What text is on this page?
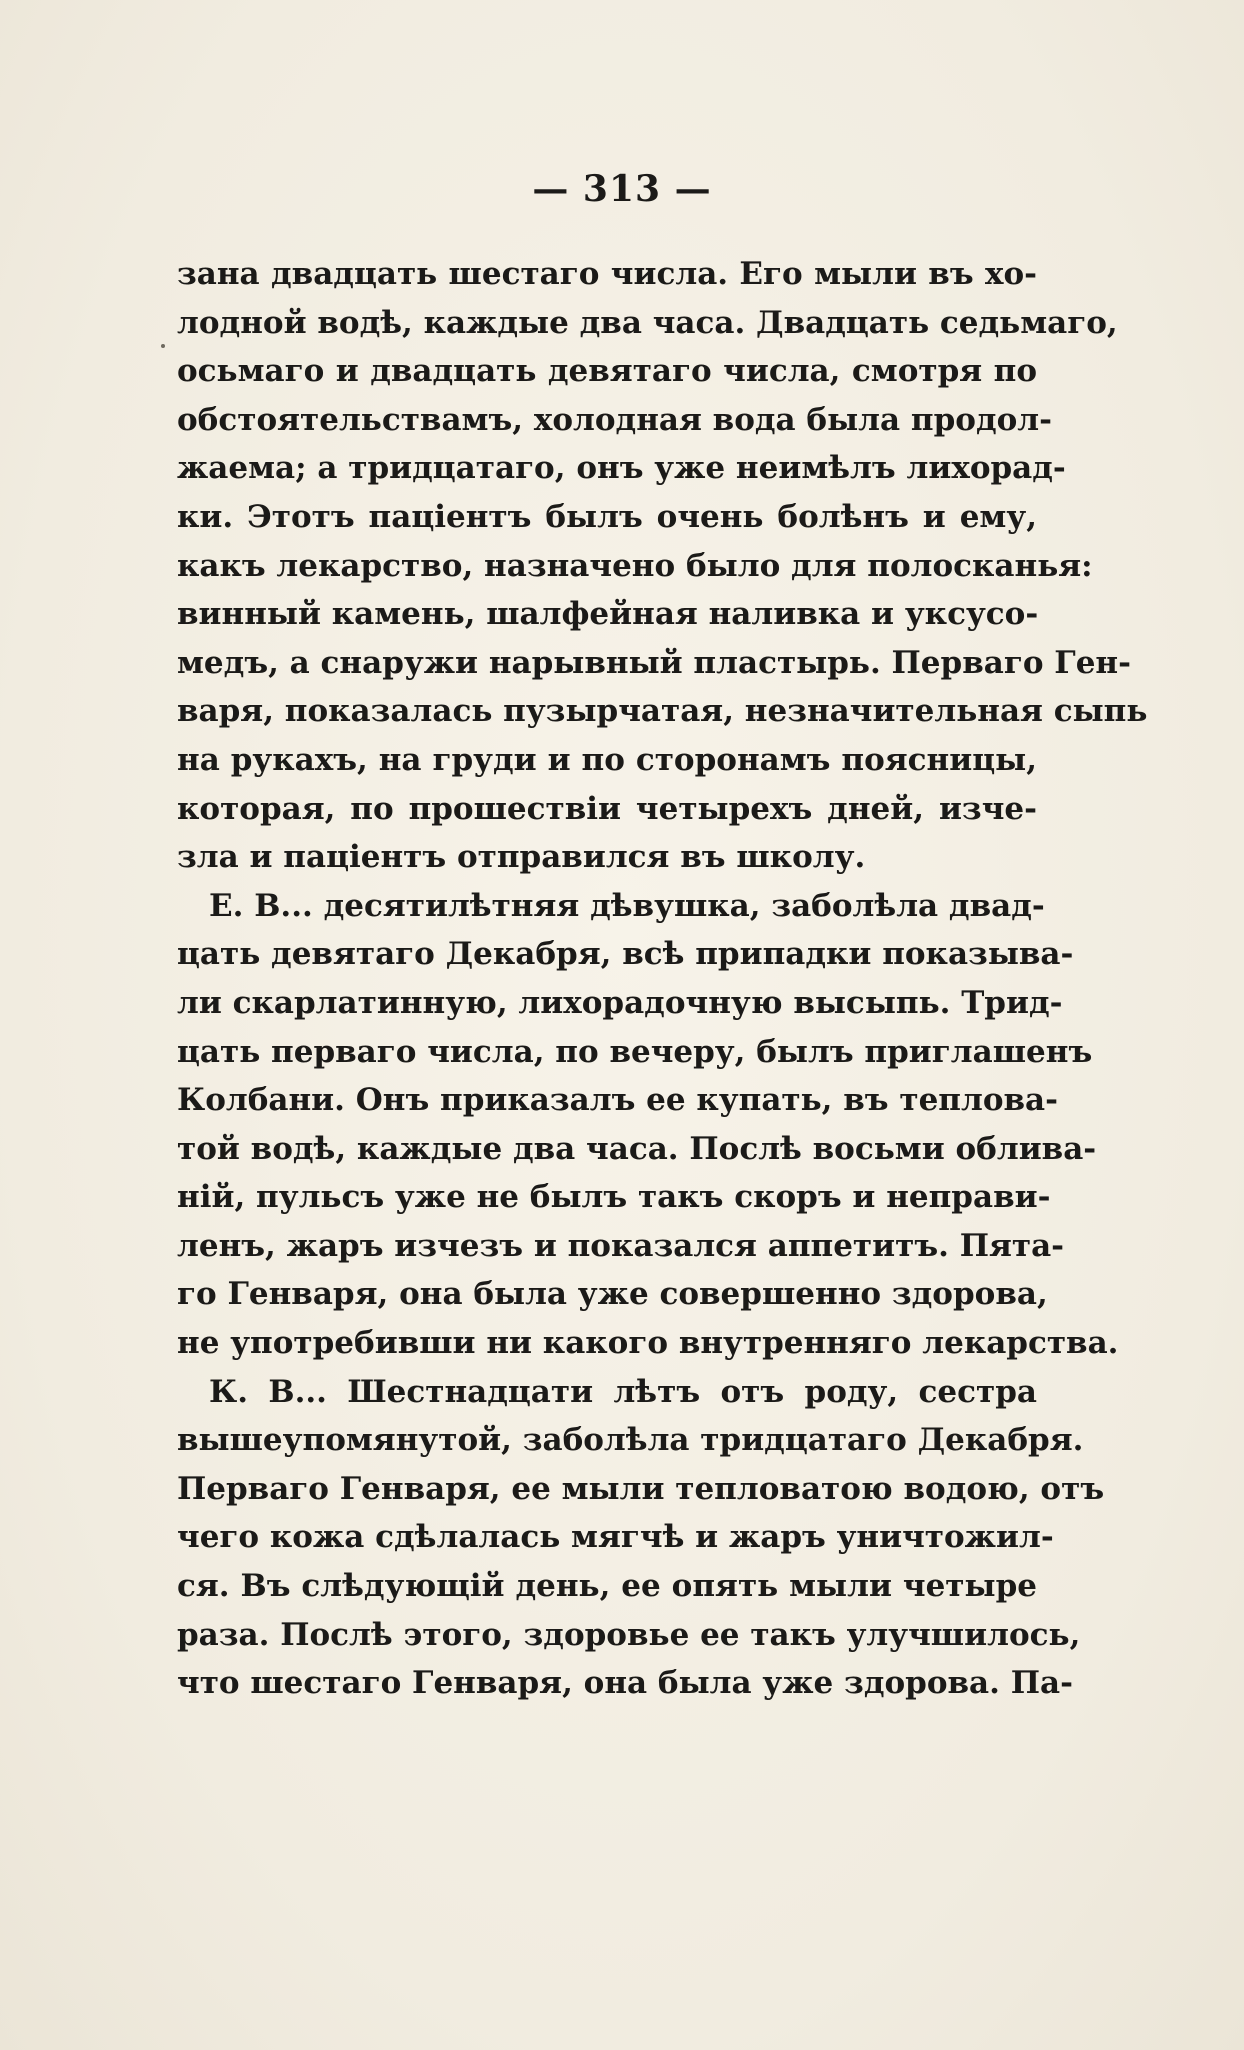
— 313 —
зана двадцать шестаго числа. Его мыли въ хо-
лодной водѣ, каждые два часа. Двадцать седьмаго,
осьмаго и двадцать девятаго числа, смотря по
обстоятельствамъ, холодная вода была продол-
жаема; а тридцатаго, онъ уже неимѣлъ лихорад-
ки. Этотъ пацiентъ былъ очень болѣнъ и ему,
какъ лекарство, назначено было для полосканья:
винный камень, шалфейная наливка и уксусо-
медъ, а снаружи нарывный пластырь. Перваго Ген-
варя, показалась пузырчатая, незначительная сыпь
на рукахъ, на груди и по сторонамъ поясницы,
которая, по прошествiи четырехъ дней, изче-
зла и пацiентъ отправился въ школу.
Е. В... десятилѣтняя дѣвушка, заболѣла двад-
цать девятаго Декабря, всѣ припадки показыва-
ли скарлатинную, лихорадочную высыпь. Трид-
цать перваго числа, по вечеру, былъ приглашенъ
Колбани. Онъ приказалъ ее купать, въ тепловa-
той водѣ, каждые два часа. Послѣ восьми облива-
нiй, пульсъ уже не былъ такъ скоръ и неправи-
ленъ, жаръ изчезъ и показался аппетитъ. Пята-
го Генваря, она была уже совершенно здорова,
не употребивши ни какого внутренняго лекарства.
К. В... Шестнадцати лѣтъ отъ роду, сестра
вышеупомянутой, заболѣла тридцатаго Декабря.
Перваго Генваря, ее мыли тепловатою водою, отъ
чего кожа сдѣлалась мягчѣ и жаръ уничтожил-
ся. Въ слѣдующiй день, ее опять мыли четыре
раза. Послѣ этого, здоровье ее такъ улучшилось,
что шестаго Генваря, она была уже здорова. Па-
